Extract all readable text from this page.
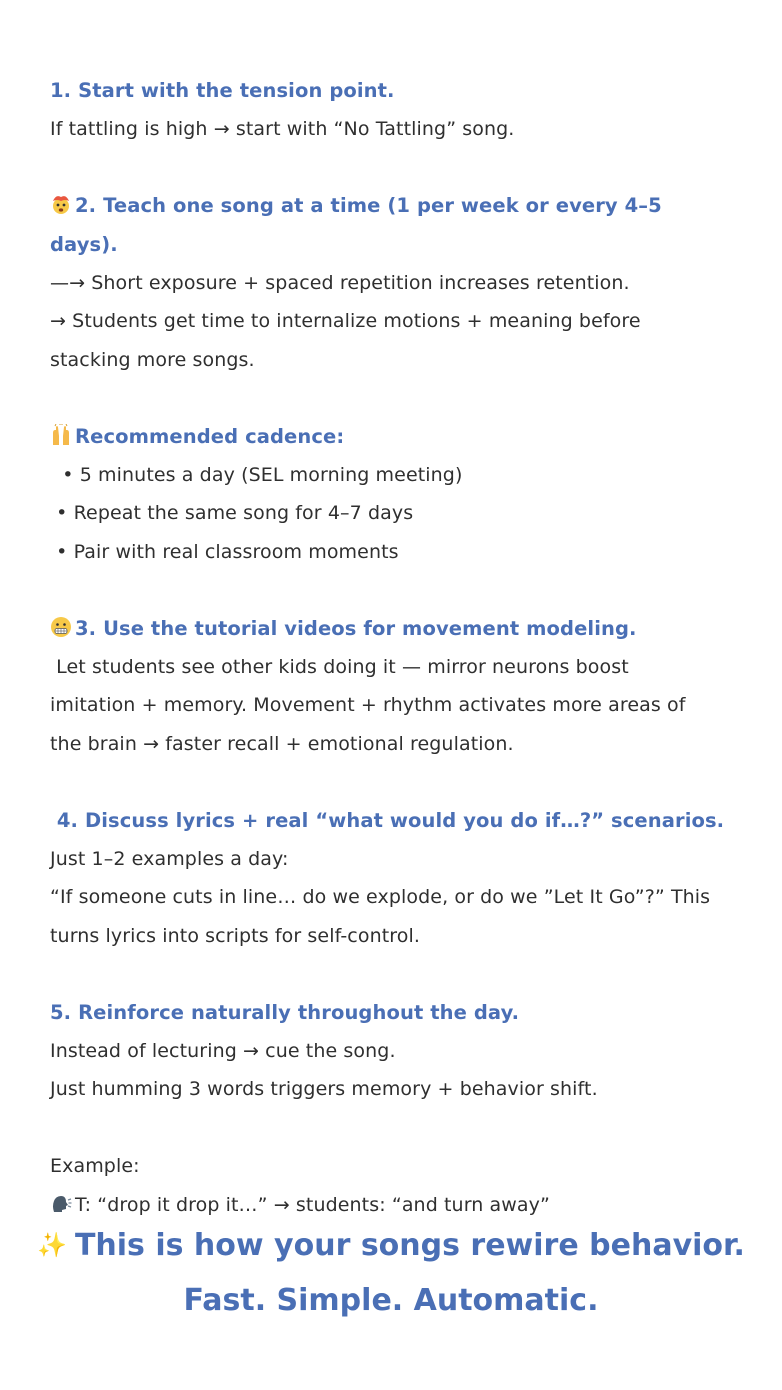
1. Start with the tension point.

If tattling is high → start with “No Tattling” song.

2. Teach one song at a time (1 per week or every 4–5 days).

—→ Short exposure + spaced repetition increases retention.

→ Students get time to internalize motions + meaning before

stacking more songs.

Recommended cadence:

• 5 minutes a day (SEL morning meeting)

• Repeat the same song for 4–7 days

• Pair with real classroom moments

3. Use the tutorial videos for movement modeling.

Let students see other kids doing it — mirror neurons boost

imitation + memory. Movement + rhythm activates more areas of

the brain → faster recall + emotional regulation.

4. Discuss lyrics + real “what would you do if…?” scenarios.

Just 1–2 examples a day:

“If someone cuts in line… do we explode, or do we ”Let It Go”?” This

turns lyrics into scripts for self-control.

5. Reinforce naturally throughout the day.

Instead of lecturing → cue the song.

Just humming 3 words triggers memory + behavior shift.

Example:

T: “drop it drop it…” → students: “and turn away”

✨ This is how your songs rewire behavior.

Fast. Simple. Automatic.
